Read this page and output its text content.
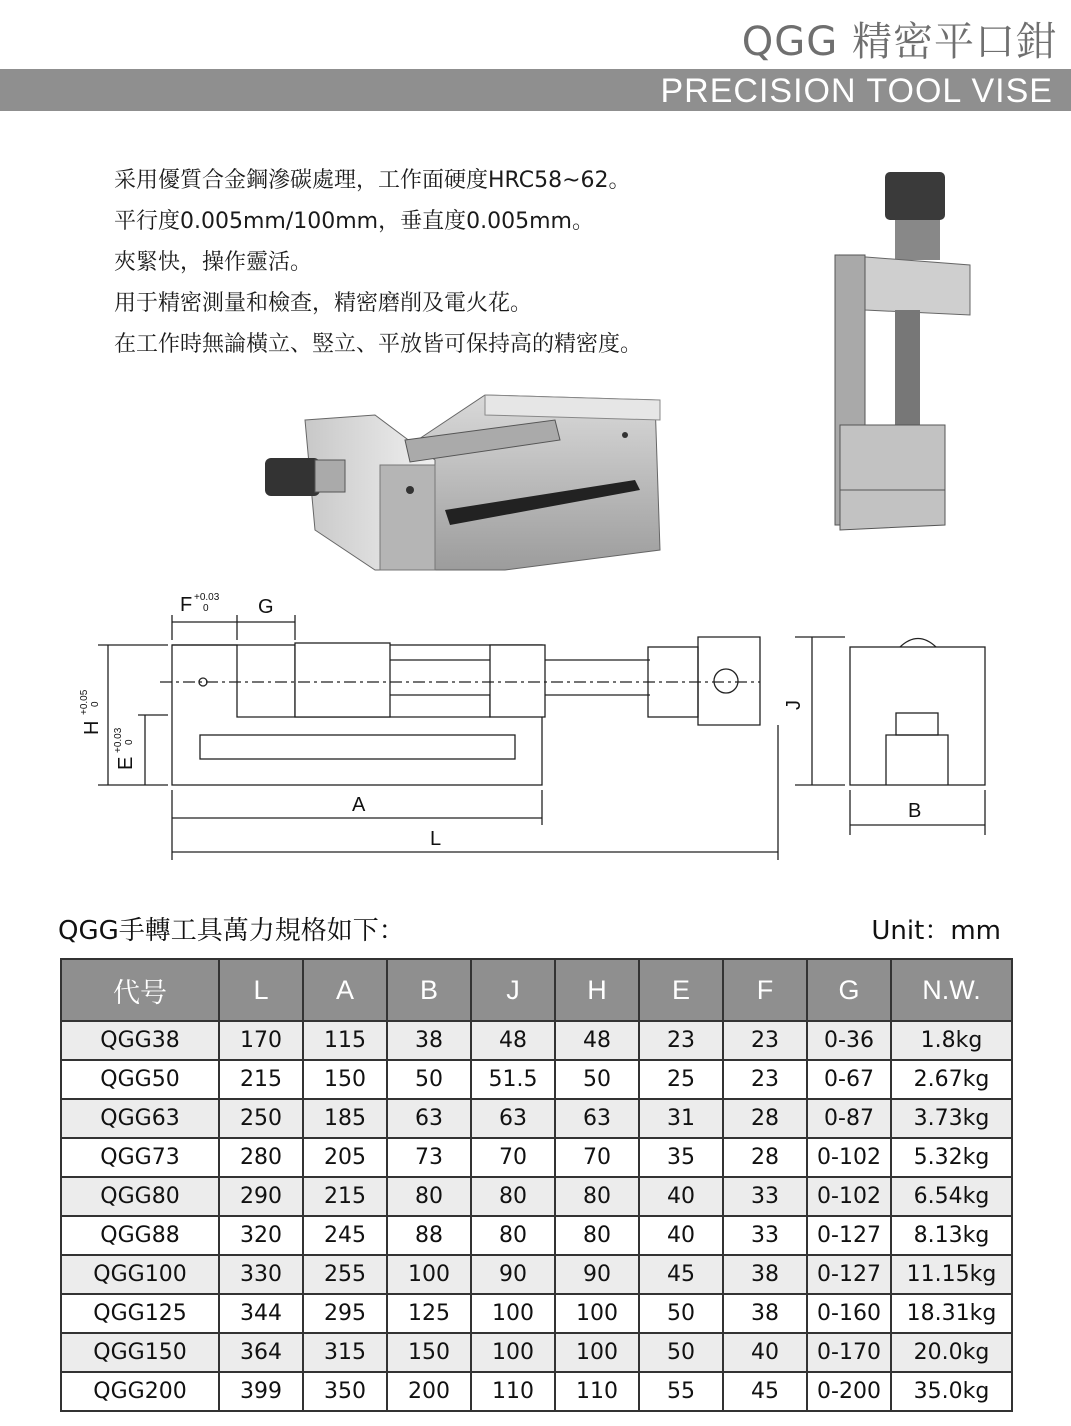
QGG 精密平口鉗
PRECISION TOOL VISE
采用優質合金鋼滲碳處理，工作面硬度HRC58~62。
平行度0.005mm/100mm，垂直度0.005mm。
夾緊快，操作靈活。
用于精密測量和檢查，精密磨削及電火花。
在工作時無論橫立、竪立、平放皆可保持高的精密度。
F +0.03
0 G
A
L
B
J
H
+0.05 0
E
+0.03 0
QGG手轉工具萬力規格如下：	Unit：mm
代号	L	A	B	J	H	E	F	G	N.W.
QGG38	170	115	38	48	48	23	23	0-36	1.8kg
QGG50	215	150	50	51.5	50	25	23	0-67	2.67kg
QGG63	250	185	63	63	63	31	28	0-87	3.73kg
QGG73	280	205	73	70	70	35	28	0-102	5.32kg
QGG80	290	215	80	80	80	40	33	0-102	6.54kg
QGG88	320	245	88	80	80	40	33	0-127	8.13kg
QGG100	330	255	100	90	90	45	38	0-127	11.15kg
QGG125	344	295	125	100	100	50	38	0-160	18.31kg
QGG150	364	315	150	100	100	50	40	0-170	20.0kg
QGG200	399	350	200	110	110	55	45	0-200	35.0kg
